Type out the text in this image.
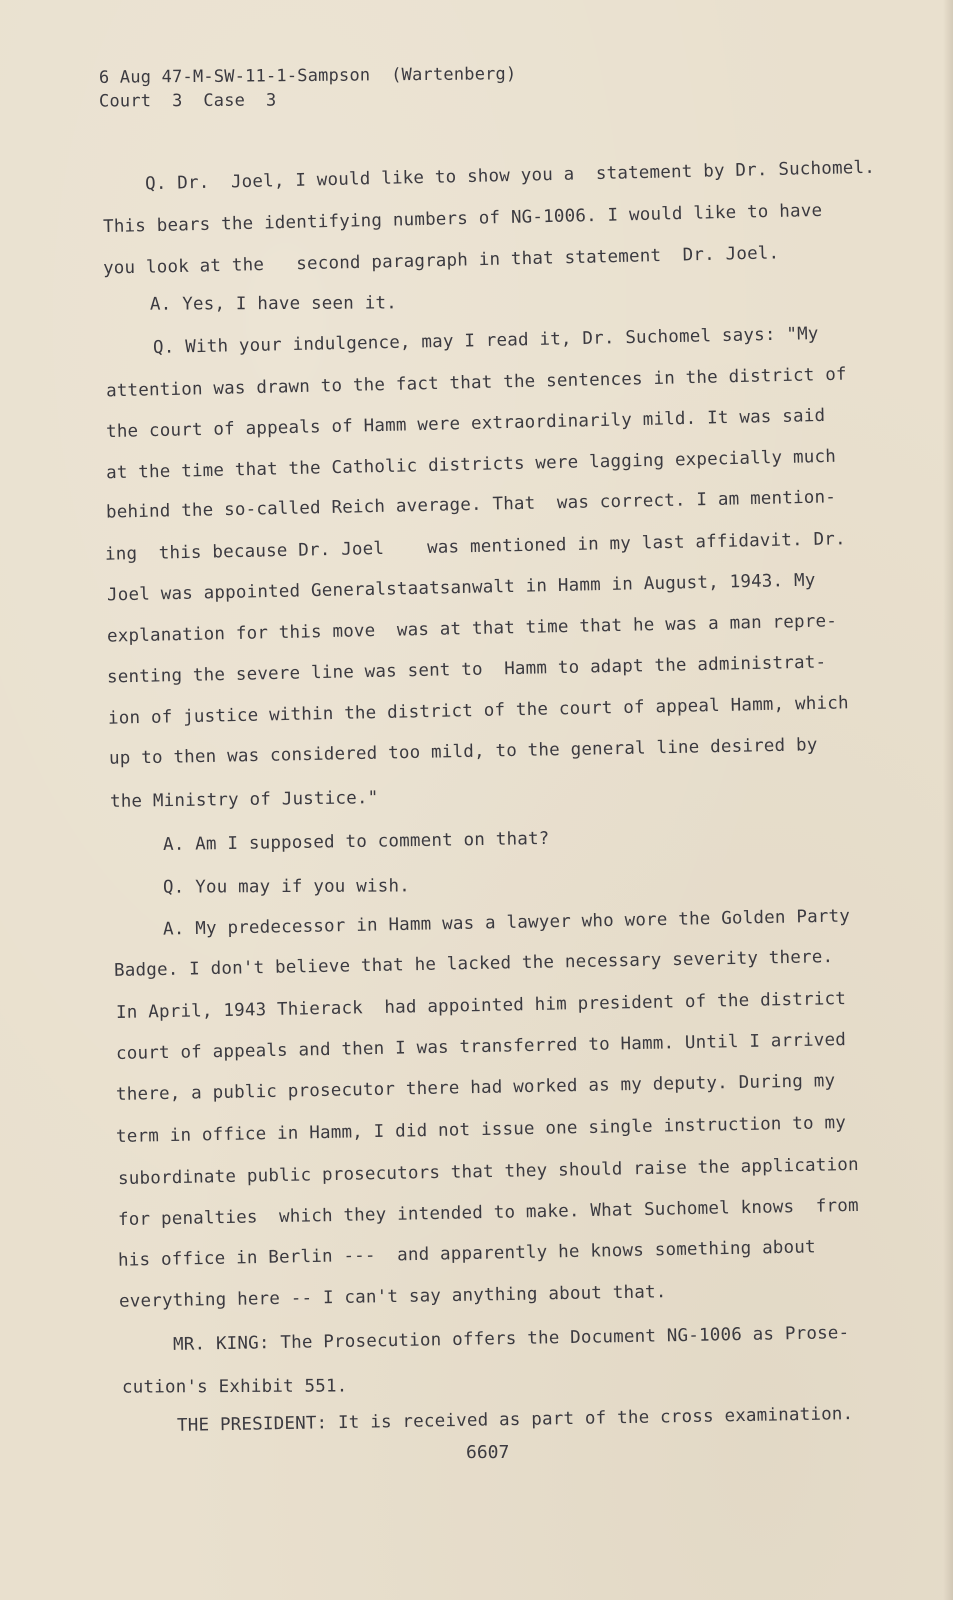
6 Aug 47-M-SW-11-1-Sampson  (Wartenberg)
Court  3  Case  3
Q. Dr.  Joel, I would like to show you a  statement by Dr. Suchomel.
This bears the identifying numbers of NG-1006. I would like to have
you look at the   second paragraph in that statement  Dr. Joel.
A. Yes, I have seen it.
Q. With your indulgence, may I read it, Dr. Suchomel says: "My
attention was drawn to the fact that the sentences in the district of
the court of appeals of Hamm were extraordinarily mild. It was said
at the time that the Catholic districts were lagging expecially much
behind the so-called Reich average. That  was correct. I am mention-
ing  this because Dr. Joel    was mentioned in my last affidavit. Dr.
Joel was appointed Generalstaatsanwalt in Hamm in August, 1943. My
explanation for this move  was at that time that he was a man repre-
senting the severe line was sent to  Hamm to adapt the administrat-
ion of justice within the district of the court of appeal Hamm, which
up to then was considered too mild, to the general line desired by
the Ministry of Justice."
A. Am I supposed to comment on that?
Q. You may if you wish.
A. My predecessor in Hamm was a lawyer who wore the Golden Party
Badge. I don't believe that he lacked the necessary severity there.
In April, 1943 Thierack  had appointed him president of the district
court of appeals and then I was transferred to Hamm. Until I arrived
there, a public prosecutor there had worked as my deputy. During my
term in office in Hamm, I did not issue one single instruction to my
subordinate public prosecutors that they should raise the application
for penalties  which they intended to make. What Suchomel knows  from
his office in Berlin ---  and apparently he knows something about
everything here -- I can't say anything about that.
MR. KING: The Prosecution offers the Document NG-1006 as Prose-
cution's Exhibit 551.
THE PRESIDENT: It is received as part of the cross examination.
6607
